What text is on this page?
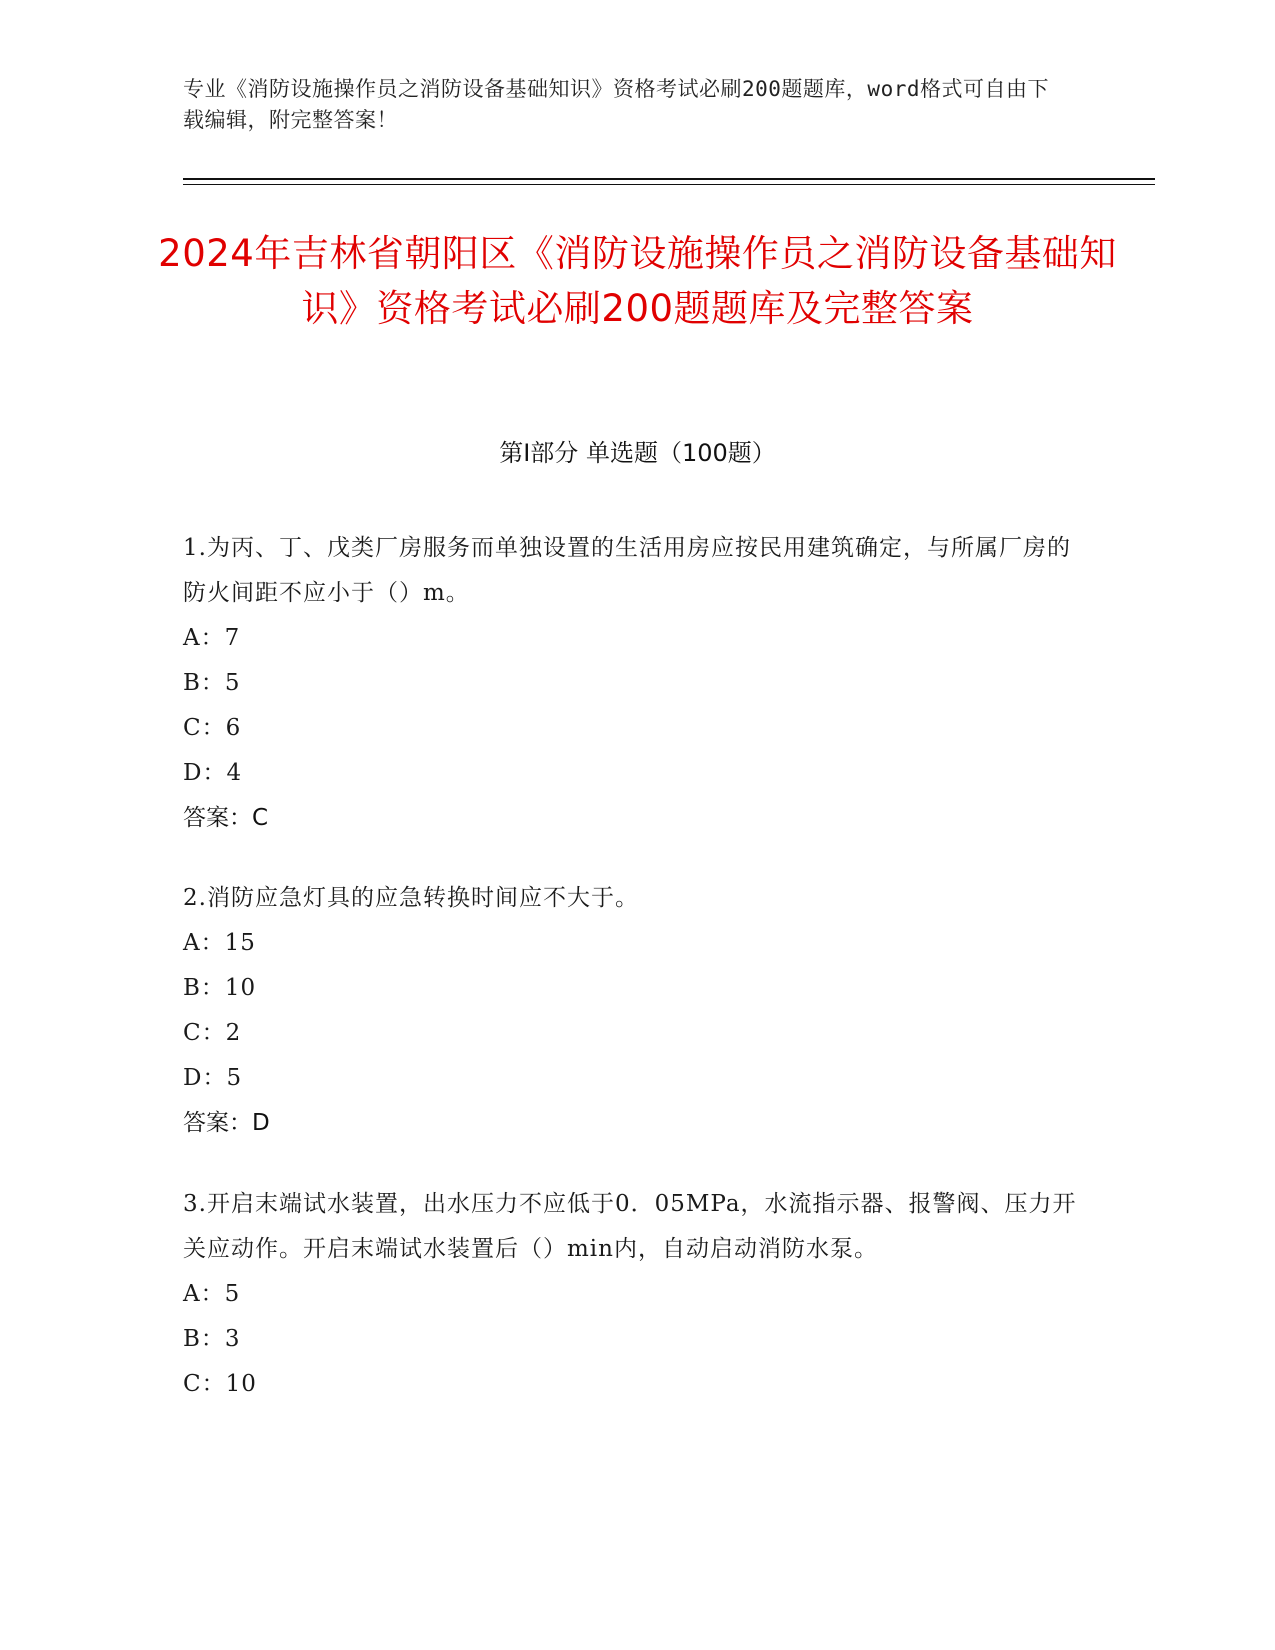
专业《消防设施操作员之消防设备基础知识》资格考试必刷200题题库，word格式可自由下载编辑，附完整答案！
2024年吉林省朝阳区《消防设施操作员之消防设备基础知识》资格考试必刷200题题库及完整答案
第Ⅰ部分 单选题（100题）
1.为丙、丁、戊类厂房服务而单独设置的生活用房应按民用建筑确定，与所属厂房的防火间距不应小于（）m。
A：7
B：5
C：6
D：4
答案：C
2.消防应急灯具的应急转换时间应不大于。
A：15
B：10
C：2
D：5
答案：D
3.开启末端试水装置，出水压力不应低于0．05MPa，水流指示器、报警阀、压力开关应动作。开启末端试水装置后（）min内，自动启动消防水泵。
A：5
B：3
C：10
